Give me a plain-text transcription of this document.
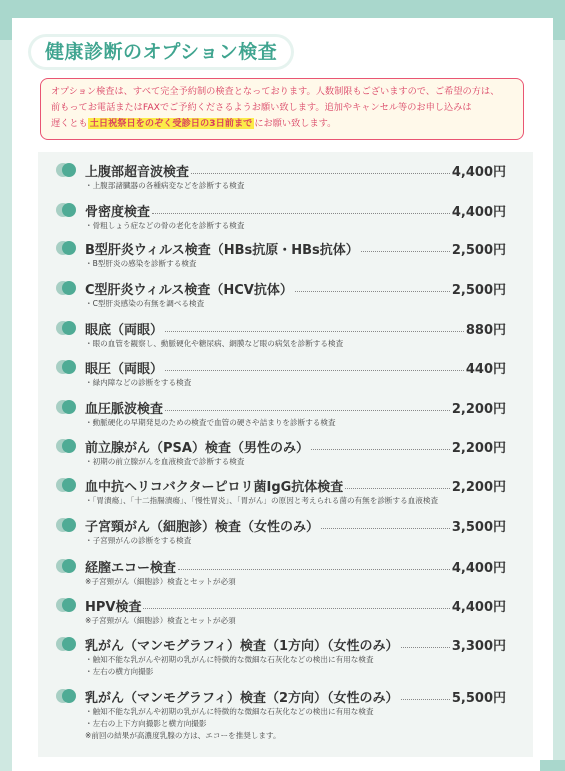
健康診断のオプション検査
オプション検査は、すべて完全予約制の検査となっております。人数制限もございますので、ご希望の方は、
前もってお電話またはFAXでご予約くださるようお願い致します。追加やキャンセル等のお申し込みは
遅くとも 土日祝祭日をのぞく受診日の3日前まで にお願い致します。
上腹部超音波検査	4,400円
・上腹部諸臓器の各種病変などを診断する検査
骨密度検査	4,400円
・骨粗しょう症などの骨の老化を診断する検査
B型肝炎ウィルス検査（HBs抗原・HBs抗体）	2,500円
・B型肝炎の感染を診断する検査
C型肝炎ウィルス検査（HCV抗体）	2,500円
・C型肝炎感染の有無を調べる検査
眼底（両眼）	880円
・眼の血管を観察し、動脈硬化や糖尿病、網膜など眼の病気を診断する検査
眼圧（両眼）	440円
・緑内障などの診断をする検査
血圧脈波検査	2,200円
・動脈硬化の早期発見のための検査で血管の硬さや詰まりを診断する検査
前立腺がん（PSA）検査（男性のみ）	2,200円
・初期の前立腺がんを血液検査で診断する検査
血中抗ヘリコバクターピロリ菌IgG抗体検査	2,200円
・「胃潰瘍」、「十二指腸潰瘍」、「慢性胃炎」、「胃がん」の原因と考えられる菌の有無を診断する血液検査
子宮頸がん（細胞診）検査（女性のみ）	3,500円
・子宮頸がんの診断をする検査
経膣エコー検査	4,400円
※子宮頸がん（細胞診）検査とセットが必須
HPV検査	4,400円
※子宮頸がん（細胞診）検査とセットが必須
乳がん（マンモグラフィ）検査（1方向）（女性のみ）	3,300円
・触知不能な乳がんや初期の乳がんに特徴的な微細な石灰化などの検出に有用な検査
・左右の横方向撮影
乳がん（マンモグラフィ）検査（2方向）（女性のみ）	5,500円
・触知不能な乳がんや初期の乳がんに特徴的な微細な石灰化などの検出に有用な検査
・左右の上下方向撮影と横方向撮影
※前回の結果が高濃度乳腺の方は、エコーを推奨します。
